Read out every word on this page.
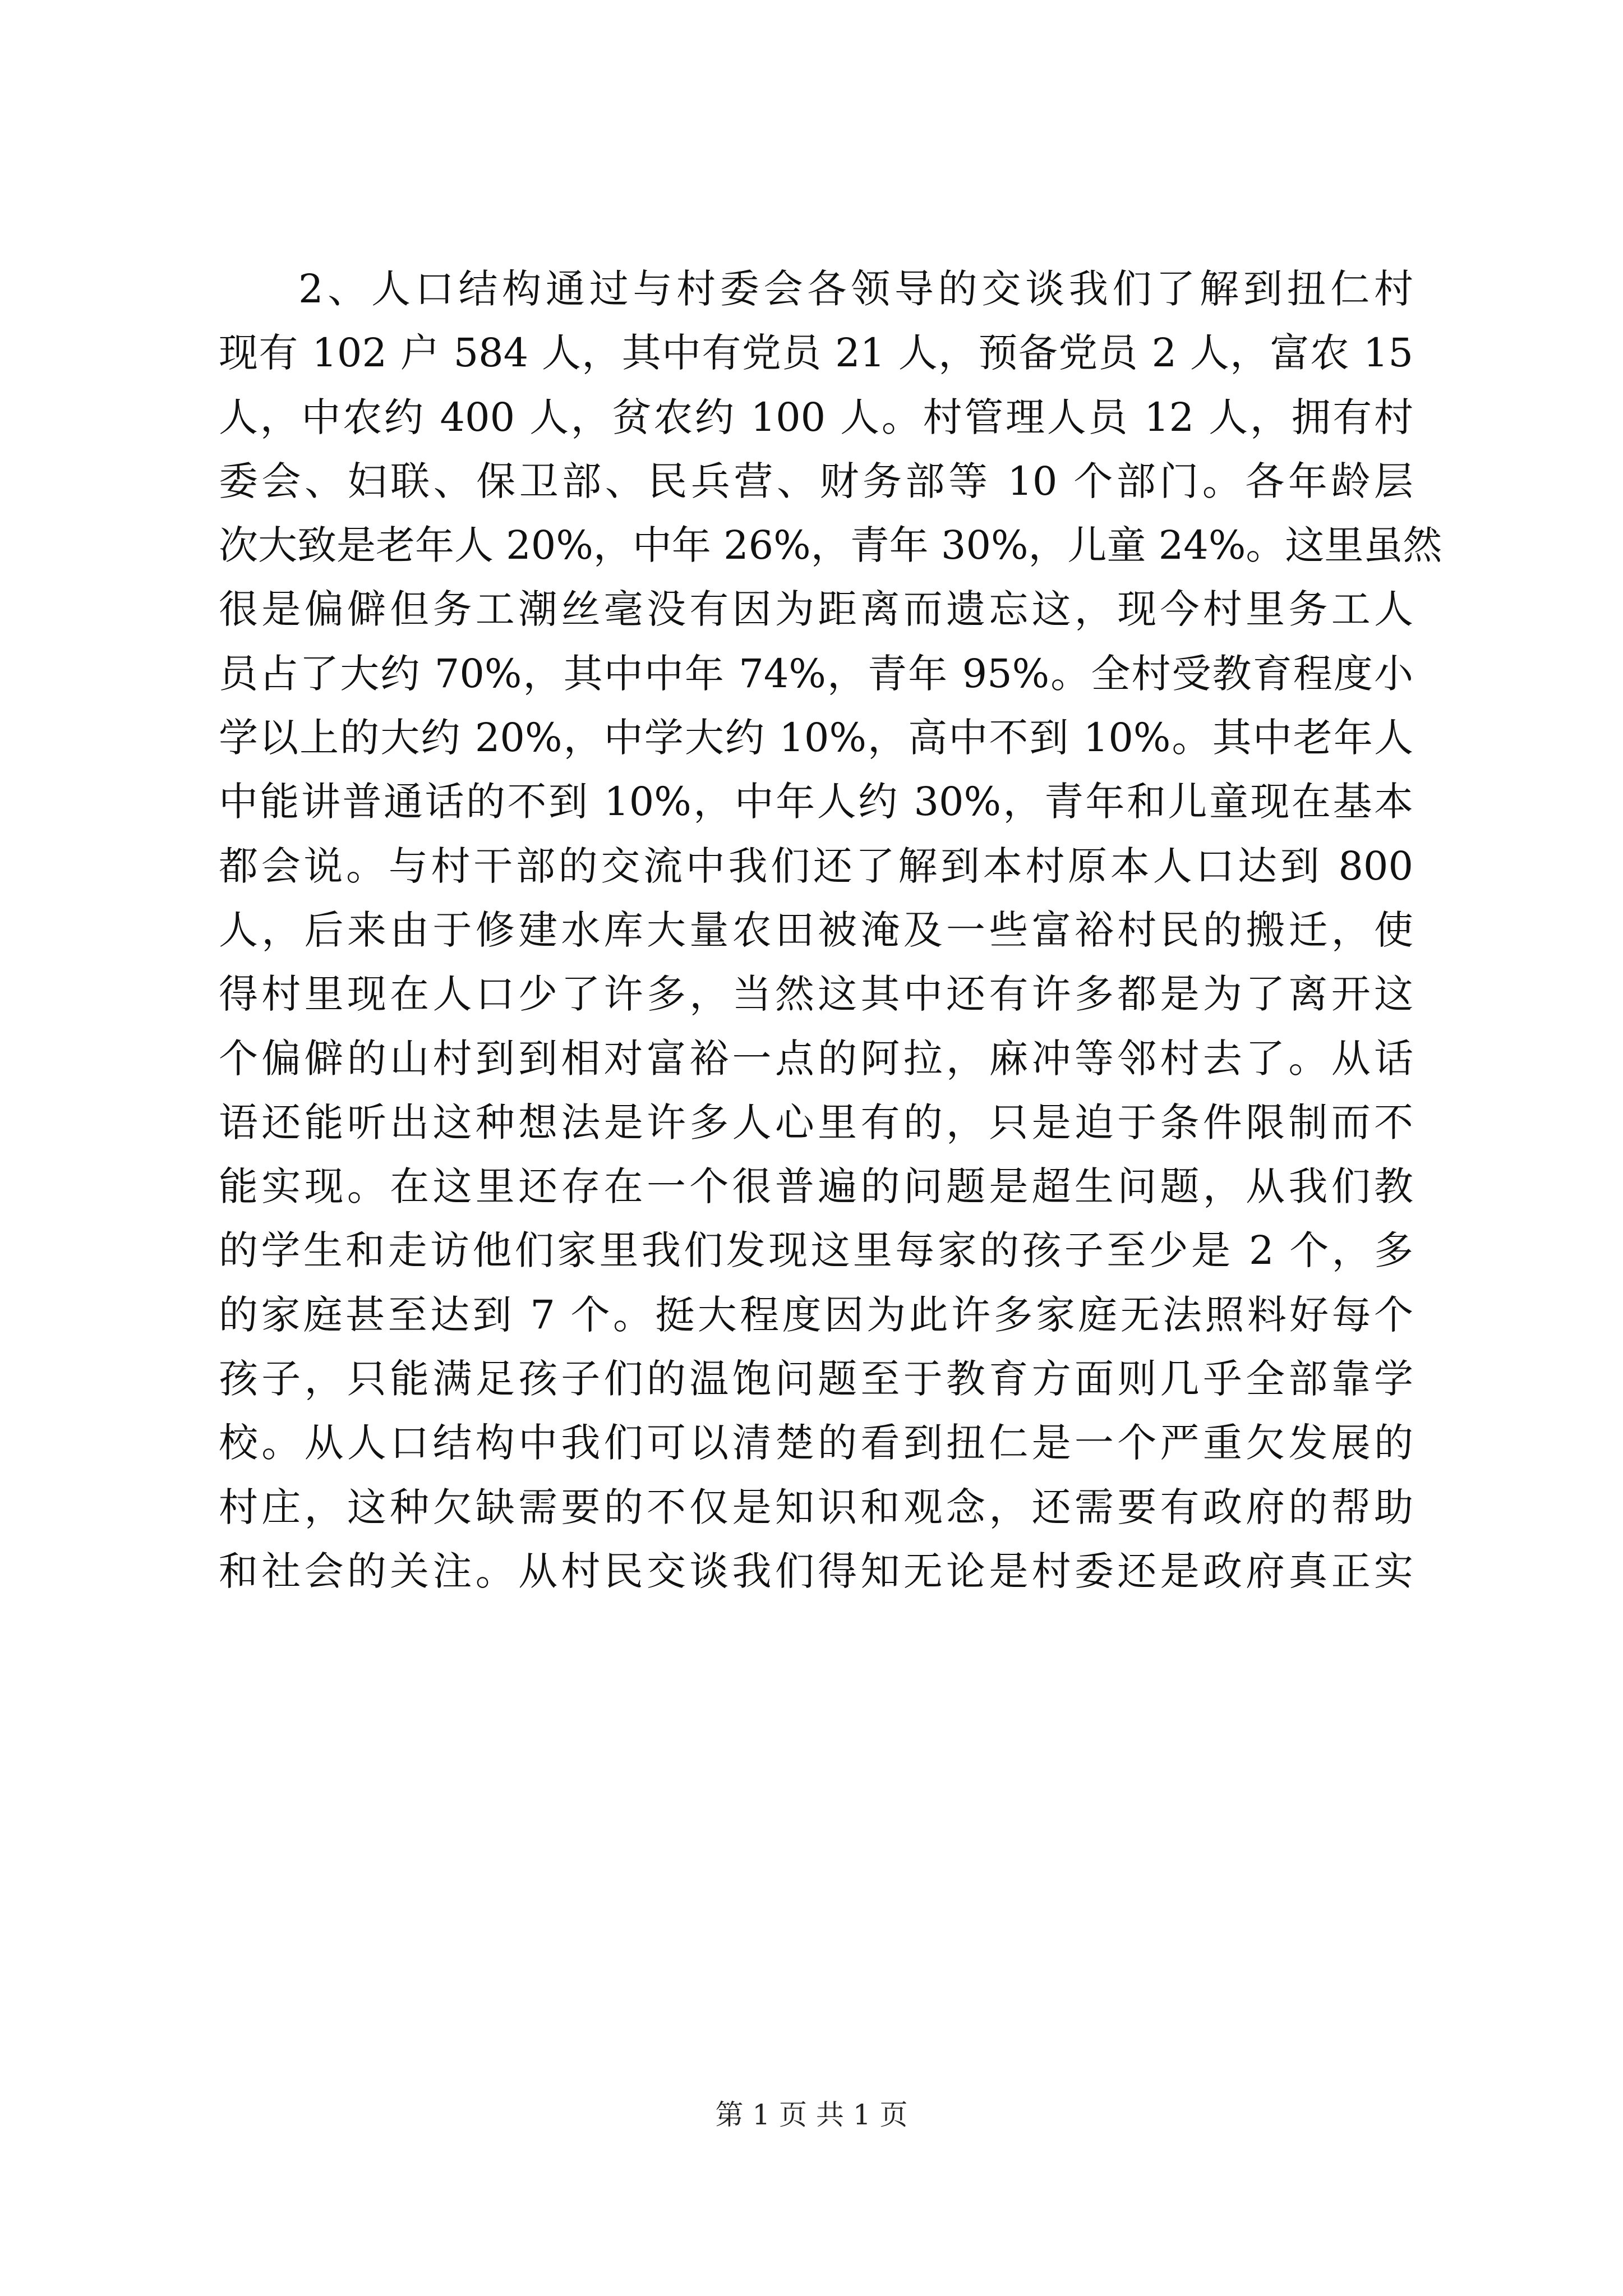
2、人口结构通过与村委会各领导的交谈我们了解到扭仁村
现有 102 户 584 人，其中有党员 21 人，预备党员 2 人，富农 15
人，中农约 400 人，贫农约 100 人。村管理人员 12 人，拥有村
委会、妇联、保卫部、民兵营、财务部等 10 个部门。各年龄层
次大致是老年人 20%，中年 26%，青年 30%，儿童 24%。这里虽然
很是偏僻但务工潮丝毫没有因为距离而遗忘这，现今村里务工人
员占了大约 70%，其中中年 74%，青年 95%。全村受教育程度小
学以上的大约 20%，中学大约 10%，高中不到 10%。其中老年人
中能讲普通话的不到 10%，中年人约 30%，青年和儿童现在基本
都会说。与村干部的交流中我们还了解到本村原本人口达到 800
人，后来由于修建水库大量农田被淹及一些富裕村民的搬迁，使
得村里现在人口少了许多，当然这其中还有许多都是为了离开这
个偏僻的山村到到相对富裕一点的阿拉，麻冲等邻村去了。从话
语还能听出这种想法是许多人心里有的，只是迫于条件限制而不
能实现。在这里还存在一个很普遍的问题是超生问题，从我们教
的学生和走访他们家里我们发现这里每家的孩子至少是 2 个，多
的家庭甚至达到 7 个。挺大程度因为此许多家庭无法照料好每个
孩子，只能满足孩子们的温饱问题至于教育方面则几乎全部靠学
校。从人口结构中我们可以清楚的看到扭仁是一个严重欠发展的
村庄，这种欠缺需要的不仅是知识和观念，还需要有政府的帮助
和社会的关注。从村民交谈我们得知无论是村委还是政府真正实
第 1 页 共 1 页
